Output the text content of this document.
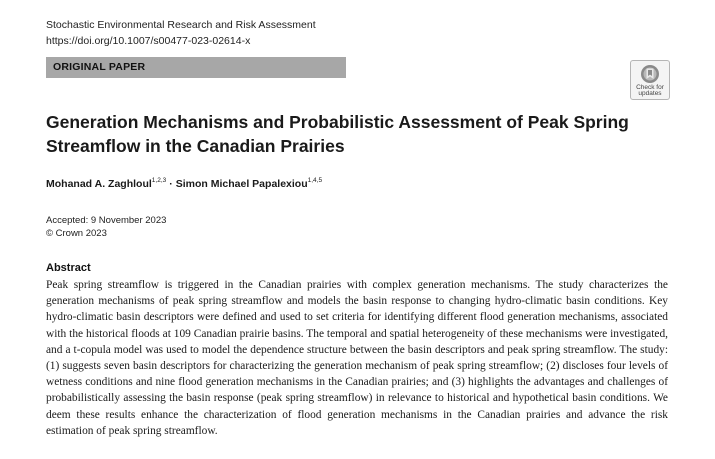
Stochastic Environmental Research and Risk Assessment
https://doi.org/10.1007/s00477-023-02614-x
ORIGINAL PAPER
Check for
updates
Generation Mechanisms and Probabilistic Assessment of Peak Spring Streamflow in the Canadian Prairies
Mohanad A. Zaghloul$^{1,2,3}$ · Simon Michael Papalexiou$^{1,4,5}$
Accepted: 9 November 2023
© Crown 2023
Abstract
Peak spring streamflow is triggered in the Canadian prairies with complex generation mechanisms. The study characterizes the generation mechanisms of peak spring streamflow and models the basin response to changing hydro-climatic basin conditions. Key hydro-climatic basin descriptors were defined and used to set criteria for identifying different flood generation mechanisms, associated with the historical floods at 109 Canadian prairie basins. The temporal and spatial heterogeneity of these mechanisms were investigated, and a t-copula model was used to model the dependence structure between the basin descriptors and peak spring streamflow. The study: (1) suggests seven basin descriptors for characterizing the generation mechanism of peak spring streamflow; (2) discloses four levels of wetness conditions and nine flood generation mechanisms in the Canadian prairies; and (3) highlights the advantages and challenges of probabilistically assessing the basin response (peak spring streamflow) in relevance to historical and hypothetical basin conditions. We deem these results enhance the characterization of flood generation mechanisms in the Canadian prairies and advance the risk estimation of peak spring streamflow.
